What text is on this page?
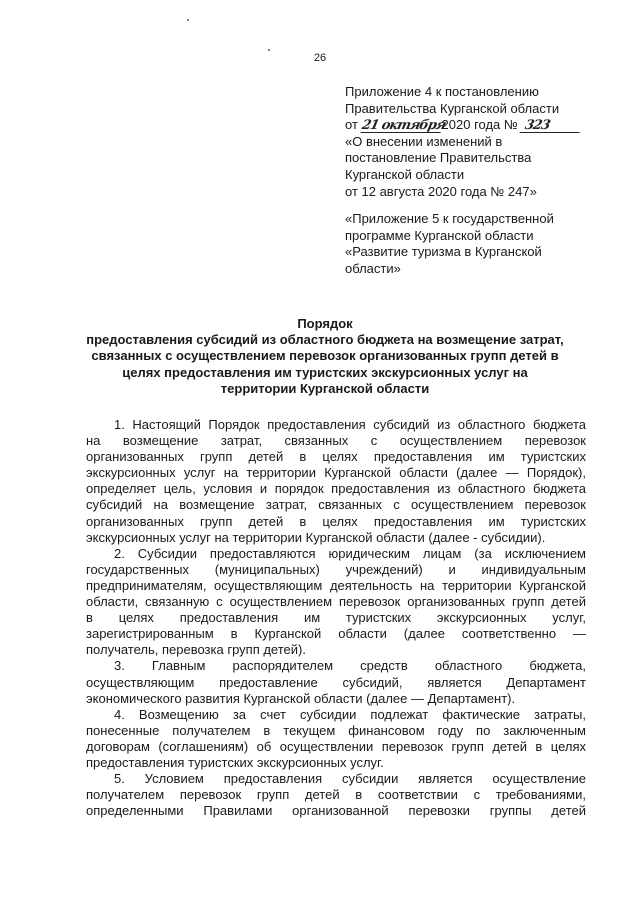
26
Приложение 4 к постановлению
Правительства Курганской области
от 21 октября2020 года № 323
«О внесении изменений в
постановление Правительства
Курганской области
от 12 августа 2020 года № 247»
«Приложение 5 к государственной
программе Курганской области
«Развитие туризма в Курганской
области»
Порядок
предоставления субсидий из областного бюджета на возмещение затрат,
связанных с осуществлением перевозок организованных групп детей в
целях предоставления им туристских экскурсионных услуг на
территории Курганской области
1. Настоящий Порядок предоставления субсидий из областного бюджета
на возмещение затрат, связанных с осуществлением перевозок
организованных групп детей в целях предоставления им туристских
экскурсионных услуг на территории Курганской области (далее — Порядок),
определяет цель, условия и порядок предоставления из областного бюджета
субсидий на возмещение затрат, связанных с осуществлением перевозок
организованных групп детей в целях предоставления им туристских
экскурсионных услуг на территории Курганской области (далее - субсидии).
2. Субсидии предоставляются юридическим лицам (за исключением
государственных (муниципальных) учреждений) и индивидуальным
предпринимателям, осуществляющим деятельность на территории Курганской
области, связанную с осуществлением перевозок организованных групп детей
в целях предоставления им туристских экскурсионных услуг,
зарегистрированным в Курганской области (далее соответственно —
получатель, перевозка групп детей).
3. Главным распорядителем средств областного бюджета,
осуществляющим предоставление субсидий, является Департамент
экономического развития Курганской области (далее — Департамент).
4. Возмещению за счет субсидии подлежат фактические затраты,
понесенные получателем в текущем финансовом году по заключенным
договорам (соглашениям) об осуществлении перевозок групп детей в целях
предоставления туристских экскурсионных услуг.
5. Условием предоставления субсидии является осуществление
получателем перевозок групп детей в соответствии с требованиями,
определенными Правилами организованной перевозки группы детей
